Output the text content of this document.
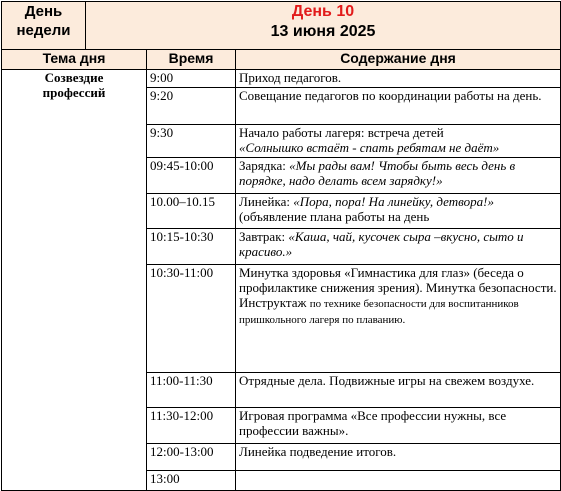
День
недели	День 10
13 июня 2025		

Тема дня		Время	Содержание дня
Созвездие
профессий		9:00	Приход педагогов.
		9:20	Совещание педагогов по координации работы на день.
		9:30	Начало работы лагеря: встреча детей
«Солнышко встаёт - спать ребятам не даёт»
		09:45-10:00	Зарядка: «Мы рады вам! Чтобы быть весь день в порядке, надо делать всем зарядку!»
		10.00–10.15	Линейка: «Пора, пора! На линейку, детвора!» (объявление плана работы на день
		10:15-10:30	Завтрак: «Каша, чай, кусочек сыра –вкусно, сыто и красиво.»
		10:30-11:00	Минутка здоровья «Гимнастика для глаз» (беседа о профилактике снижения зрения). Минутка безопасности. Инструктаж по технике безопасности для воспитанников пришкольного лагеря по плаванию.
		11:00-11:30	Отрядные дела. Подвижные игры на свежем воздухе.
		11:30-12:00	Игровая программа «Все профессии нужны, все профессии важны».
		12:00-13:00	Линейка подведение итогов.
		13:00	
